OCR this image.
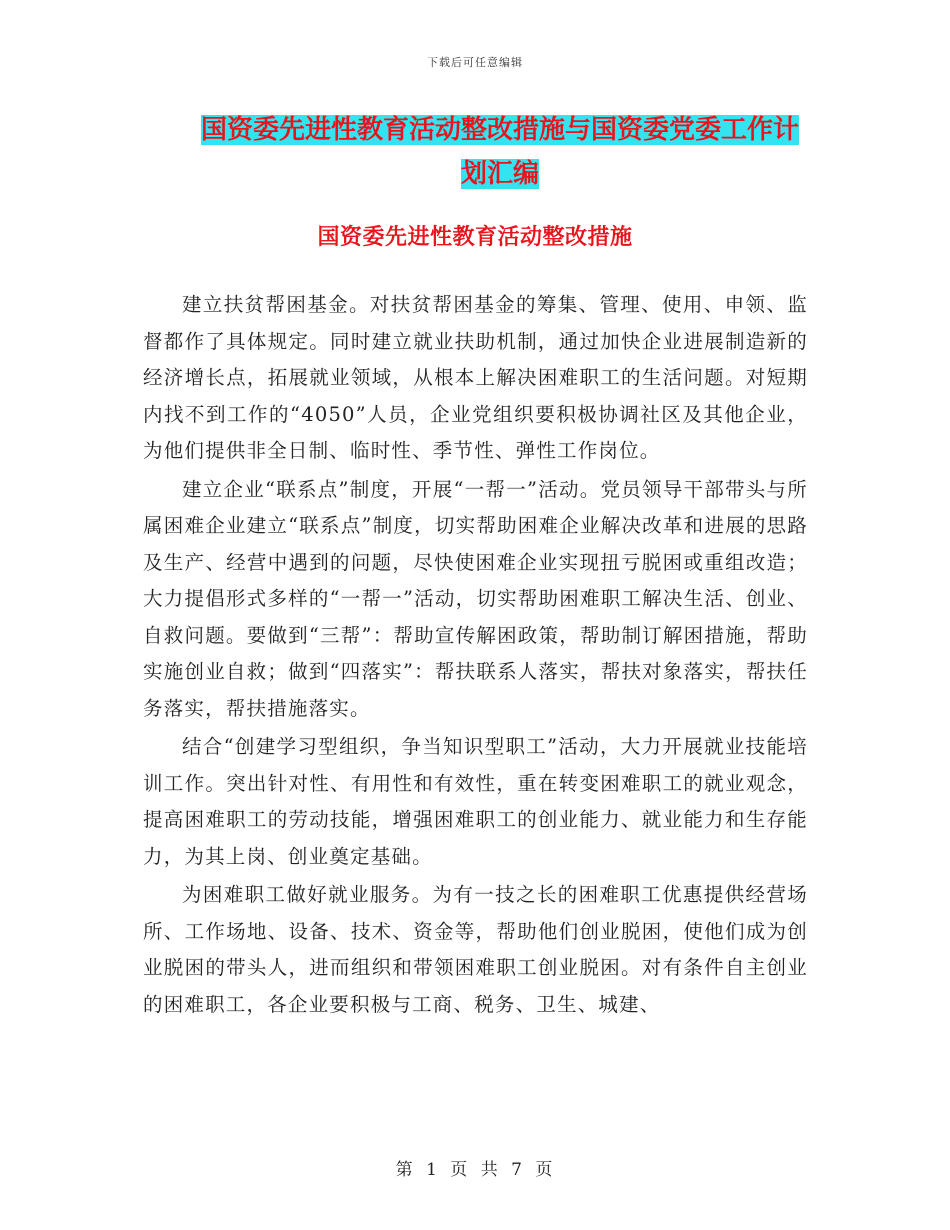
下载后可任意编辑
国资委先进性教育活动整改措施与国资委党委工作计
划汇编
国资委先进性教育活动整改措施

建立扶贫帮困基金。对扶贫帮困基金的筹集、管理、使用、申领、监督都作了具体规定。同时建立就业扶助机制，通过加快企业进展制造新的经济增长点，拓展就业领域，从根本上解决困难职工的生活问题。对短期内找不到工作的“4050”人员，企业党组织要积极协调社区及其他企业，为他们提供非全日制、临时性、季节性、弹性工作岗位。

建立企业“联系点”制度，开展“一帮一”活动。党员领导干部带头与所属困难企业建立“联系点”制度，切实帮助困难企业解决改革和进展的思路及生产、经营中遇到的问题，尽快使困难企业实现扭亏脱困或重组改造；大力提倡形式多样的“一帮一”活动，切实帮助困难职工解决生活、创业、自救问题。要做到“三帮”：帮助宣传解困政策，帮助制订解困措施，帮助实施创业自救；做到“四落实”：帮扶联系人落实，帮扶对象落实，帮扶任务落实，帮扶措施落实。

结合“创建学习型组织，争当知识型职工”活动，大力开展就业技能培训工作。突出针对性、有用性和有效性，重在转变困难职工的就业观念，提高困难职工的劳动技能，增强困难职工的创业能力、就业能力和生存能力，为其上岗、创业奠定基础。

为困难职工做好就业服务。为有一技之长的困难职工优惠提供经营场所、工作场地、设备、技术、资金等，帮助他们创业脱困，使他们成为创业脱困的带头人，进而组织和带领困难职工创业脱困。对有条件自主创业的困难职工，各企业要积极与工商、税务、卫生、城建、

第 1 页 共 7 页
